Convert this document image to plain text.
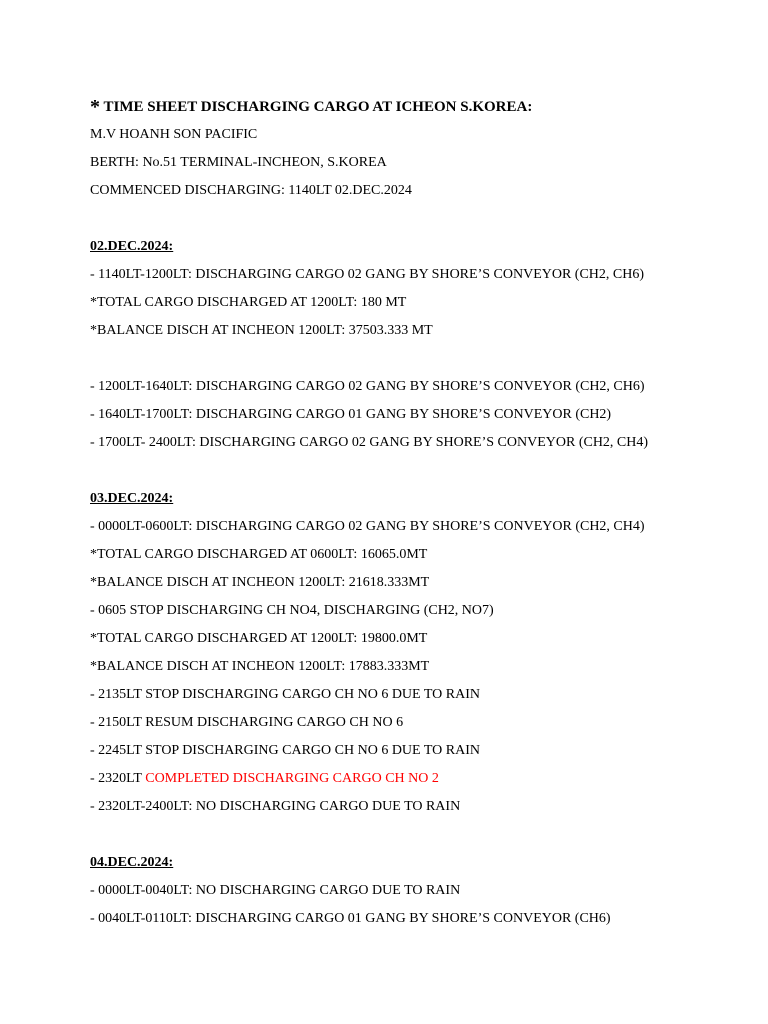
* TIME SHEET DISCHARGING CARGO AT ICHEON S.KOREA:
M.V HOANH SON PACIFIC
BERTH: No.51 TERMINAL-INCHEON, S.KOREA
COMMENCED DISCHARGING: 1140LT 02.DEC.2024
02.DEC.2024:
- 1140LT-1200LT: DISCHARGING CARGO 02 GANG BY SHORE’S CONVEYOR (CH2, CH6)
*TOTAL CARGO DISCHARGED AT 1200LT: 180 MT
*BALANCE DISCH AT INCHEON 1200LT: 37503.333 MT
- 1200LT-1640LT: DISCHARGING CARGO 02 GANG BY SHORE’S CONVEYOR (CH2, CH6)
- 1640LT-1700LT: DISCHARGING CARGO 01 GANG BY SHORE’S CONVEYOR (CH2)
- 1700LT- 2400LT: DISCHARGING CARGO 02 GANG BY SHORE’S CONVEYOR (CH2, CH4)
03.DEC.2024:
- 0000LT-0600LT: DISCHARGING CARGO 02 GANG BY SHORE’S CONVEYOR (CH2, CH4)
*TOTAL CARGO DISCHARGED AT 0600LT: 16065.0MT
*BALANCE DISCH AT INCHEON 1200LT: 21618.333MT
- 0605 STOP DISCHARGING CH NO4, DISCHARGING (CH2, NO7)
*TOTAL CARGO DISCHARGED AT 1200LT: 19800.0MT
*BALANCE DISCH AT INCHEON 1200LT: 17883.333MT
- 2135LT STOP DISCHARGING CARGO CH NO 6 DUE TO RAIN
- 2150LT RESUM DISCHARGING CARGO CH NO 6
- 2245LT STOP DISCHARGING CARGO CH NO 6 DUE TO RAIN
- 2320LT COMPLETED DISCHARGING CARGO CH NO 2
- 2320LT-2400LT: NO DISCHARGING CARGO DUE TO RAIN
04.DEC.2024:
- 0000LT-0040LT: NO DISCHARGING CARGO DUE TO RAIN
- 0040LT-0110LT: DISCHARGING CARGO 01 GANG BY SHORE’S CONVEYOR (CH6)
